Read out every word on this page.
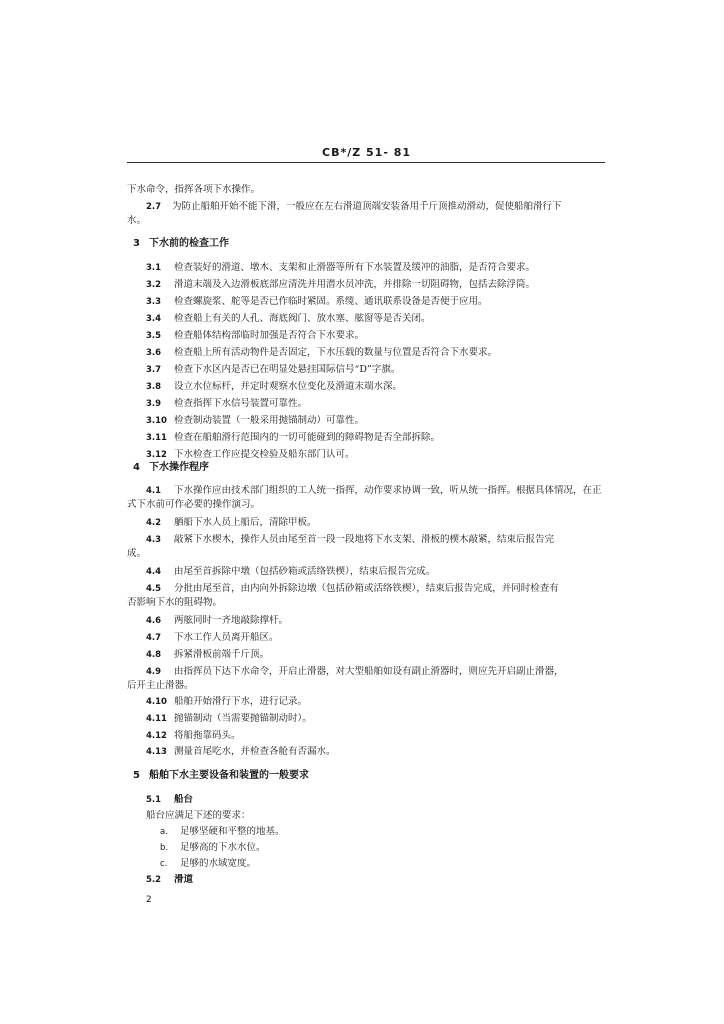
CB*/Z 51- 81
下水命令，指挥各项下水操作。
2.7 为防止船舶开始不能下滑，一般应在左右滑道顶端安装备用千斤顶推动滑动，促使船舶滑行下
水。
3 下水前的检查工作
3.1 检查装好的滑道、墩木、支架和止滑器等所有下水装置及缓冲的油脂，是否符合要求。
3.2 滑道末端及入边滑板底部应清洗并用潜水员冲洗，并排除一切阻碍物，包括去除浮筒。
3.3 检查螺旋浆、舵等是否已作临时紧固。系缆、通讯联系设备是否便于应用。
3.4 检查船上有关的人孔、海底阀门、放水塞、舷窗等是否关闭。
3.5 检查船体结构部临时加强是否符合下水要求。
3.6 检查船上所有活动物件是否固定，下水压载的数量与位置是否符合下水要求。
3.7 检查下水区内是否已在明显处悬挂国际信号“D”字旗。
3.8 设立水位标杆，并定时观察水位变化及滑道末端水深。
3.9 检查指挥下水信号装置可靠性。
3.10 检查制动装置（一般采用抛锚制动）可靠性。
3.11 检查在船舶滑行范围内的一切可能碰到的障碍物是否全部拆除。
3.12 下水检查工作应提交检验及船东部门认可。
4 下水操作程序
4.1 下水操作应由技术部门组织的工人统一指挥，动作要求协调一致，听从统一指挥。根据具体情况，在正
式下水前可作必要的操作演习。
4.2 舾船下水人员上船后，清除甲板。
4.3 敲紧下水楔木，操作人员由尾至首一段一段地将下水支架、滑板的楔木敲紧，结束后报告完
成。
4.4 由尾至首拆除中墩（包括砂箱或活络铁楔），结束后报告完成。
4.5 分批由尾至首，由内向外拆除边墩（包括砂箱或活络铁楔），结束后报告完成，并同时检查有
否影响下水的阻碍物。
4.6 两舷同时一齐地敲除撑杆。
4.7 下水工作人员离开船区。
4.8 拆紧滑板前端千斤顶。
4.9 由指挥员下达下水命令，开启止滑器，对大型船舶如设有副止滑器时，则应先开启副止滑器，
后开主止滑器。
4.10 船舶开始滑行下水，进行记录。
4.11 抛锚制动（当需要抛锚制动时）。
4.12 将船拖靠码头。
4.13 测量首尾吃水，并检查各舱有否漏水。
5 船舶下水主要设备和装置的一般要求
5.1 船台
船台应满足下述的要求：
a. 足够坚硬和平整的地基。
b. 足够高的下水水位。
c. 足够的水域宽度。
5.2 滑道
2
